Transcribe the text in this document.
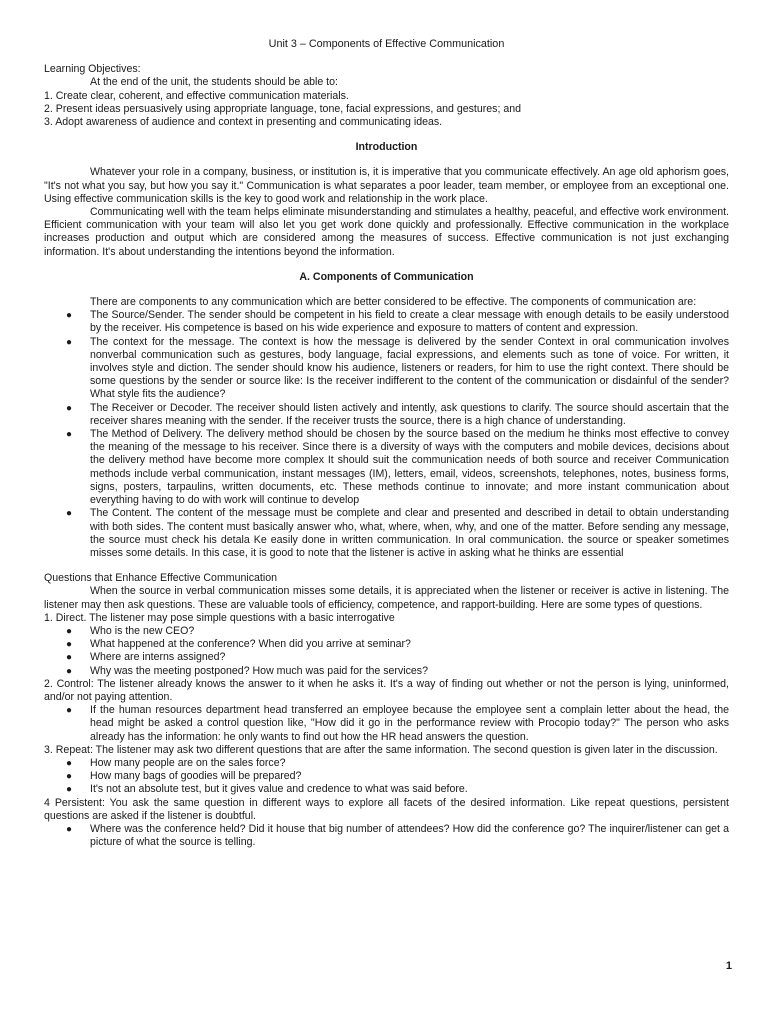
Unit 3 – Components of Effective Communication

Learning Objectives:

At the end of the unit, the students should be able to:

1. Create clear, coherent, and effective communication materials.

2. Present ideas persuasively using appropriate language, tone, facial expressions, and gestures; and

3. Adopt awareness of audience and context in presenting and communicating ideas.

Introduction

Whatever your role in a company, business, or institution is, it is imperative that you communicate effectively. An age old aphorism goes, "It's not what you say, but how you say it." Communication is what separates a poor leader, team member, or employee from an exceptional one. Using effective communication skills is the key to good work and relationship in the work place.

Communicating well with the team helps eliminate misunderstanding and stimulates a healthy, peaceful, and effective work environment. Efficient communication with your team will also let you get work done quickly and professionally. Effective communication in the workplace increases production and output which are considered among the measures of success. Effective communication is not just exchanging information. It's about understanding the intentions beyond the information.

A. Components of Communication

There are components to any communication which are better considered to be effective. The components of communication are:

● The Source/Sender. The sender should be competent in his field to create a clear message with enough details to be easily understood by the receiver. His competence is based on his wide experience and exposure to matters of content and expression.
● The context for the message. The context is how the message is delivered by the sender Context in oral communication involves nonverbal communication such as gestures, body language, facial expressions, and elements such as tone of voice. For written, it involves style and diction. The sender should know his audience, listeners or readers, for him to use the right context. There should be some questions by the sender or source like: Is the receiver indifferent to the content of the communication or disdainful of the sender? What style fits the audience?
● The Receiver or Decoder. The receiver should listen actively and intently, ask questions to clarify. The source should ascertain that the receiver shares meaning with the sender. If the receiver trusts the source, there is a high chance of understanding.
● The Method of Delivery. The delivery method should be chosen by the source based on the medium he thinks most effective to convey the meaning of the message to his receiver. Since there is a diversity of ways with the computers and mobile devices, decisions about the delivery method have become more complex It should suit the communication needs of both source and receiver Communication methods include verbal communication, instant messages (IM), letters, email, videos, screenshots, telephones, notes, business forms, signs, posters, tarpaulins, written documents, etc. These methods continue to innovate; and more instant communication about everything having to do with work will continue to develop
● The Content. The content of the message must be complete and clear and presented and described in detail to obtain understanding with both sides. The content must basically answer who, what, where, when, why, and one of the matter. Before sending any message, the source must check his detala Ke easily done in written communication. In oral communication. the source or speaker sometimes misses some details. In this case, it is good to note that the listener is active in asking what he thinks are essential

Questions that Enhance Effective Communication

When the source in verbal communication misses some details, it is appreciated when the listener or receiver is active in listening. The listener may then ask questions. These are valuable tools of efficiency, competence, and rapport-building. Here are some types of questions.

1. Direct. The listener may pose simple questions with a basic interrogative

● Who is the new CEO?
● What happened at the conference? When did you arrive at seminar?
● Where are interns assigned?
● Why was the meeting postponed? How much was paid for the services?

2. Control: The listener already knows the answer to it when he asks it. It's a way of finding out whether or not the person is lying, uninformed, and/or not paying attention.

● If the human resources department head transferred an employee because the employee sent a complain letter about the head, the head might be asked a control question like, "How did it go in the performance review with Procopio today?" The person who asks already has the information: he only wants to find out how the HR head answers the question.

3. Repeat: The listener may ask two different questions that are after the same information. The second question is given later in the discussion.

● How many people are on the sales force?
● How many bags of goodies will be prepared?
● It's not an absolute test, but it gives value and credence to what was said before.

4 Persistent: You ask the same question in different ways to explore all facets of the desired information. Like repeat questions, persistent questions are asked if the listener is doubtful.

● Where was the conference held? Did it house that big number of attendees? How did the conference go? The inquirer/listener can get a picture of what the source is telling.
1
